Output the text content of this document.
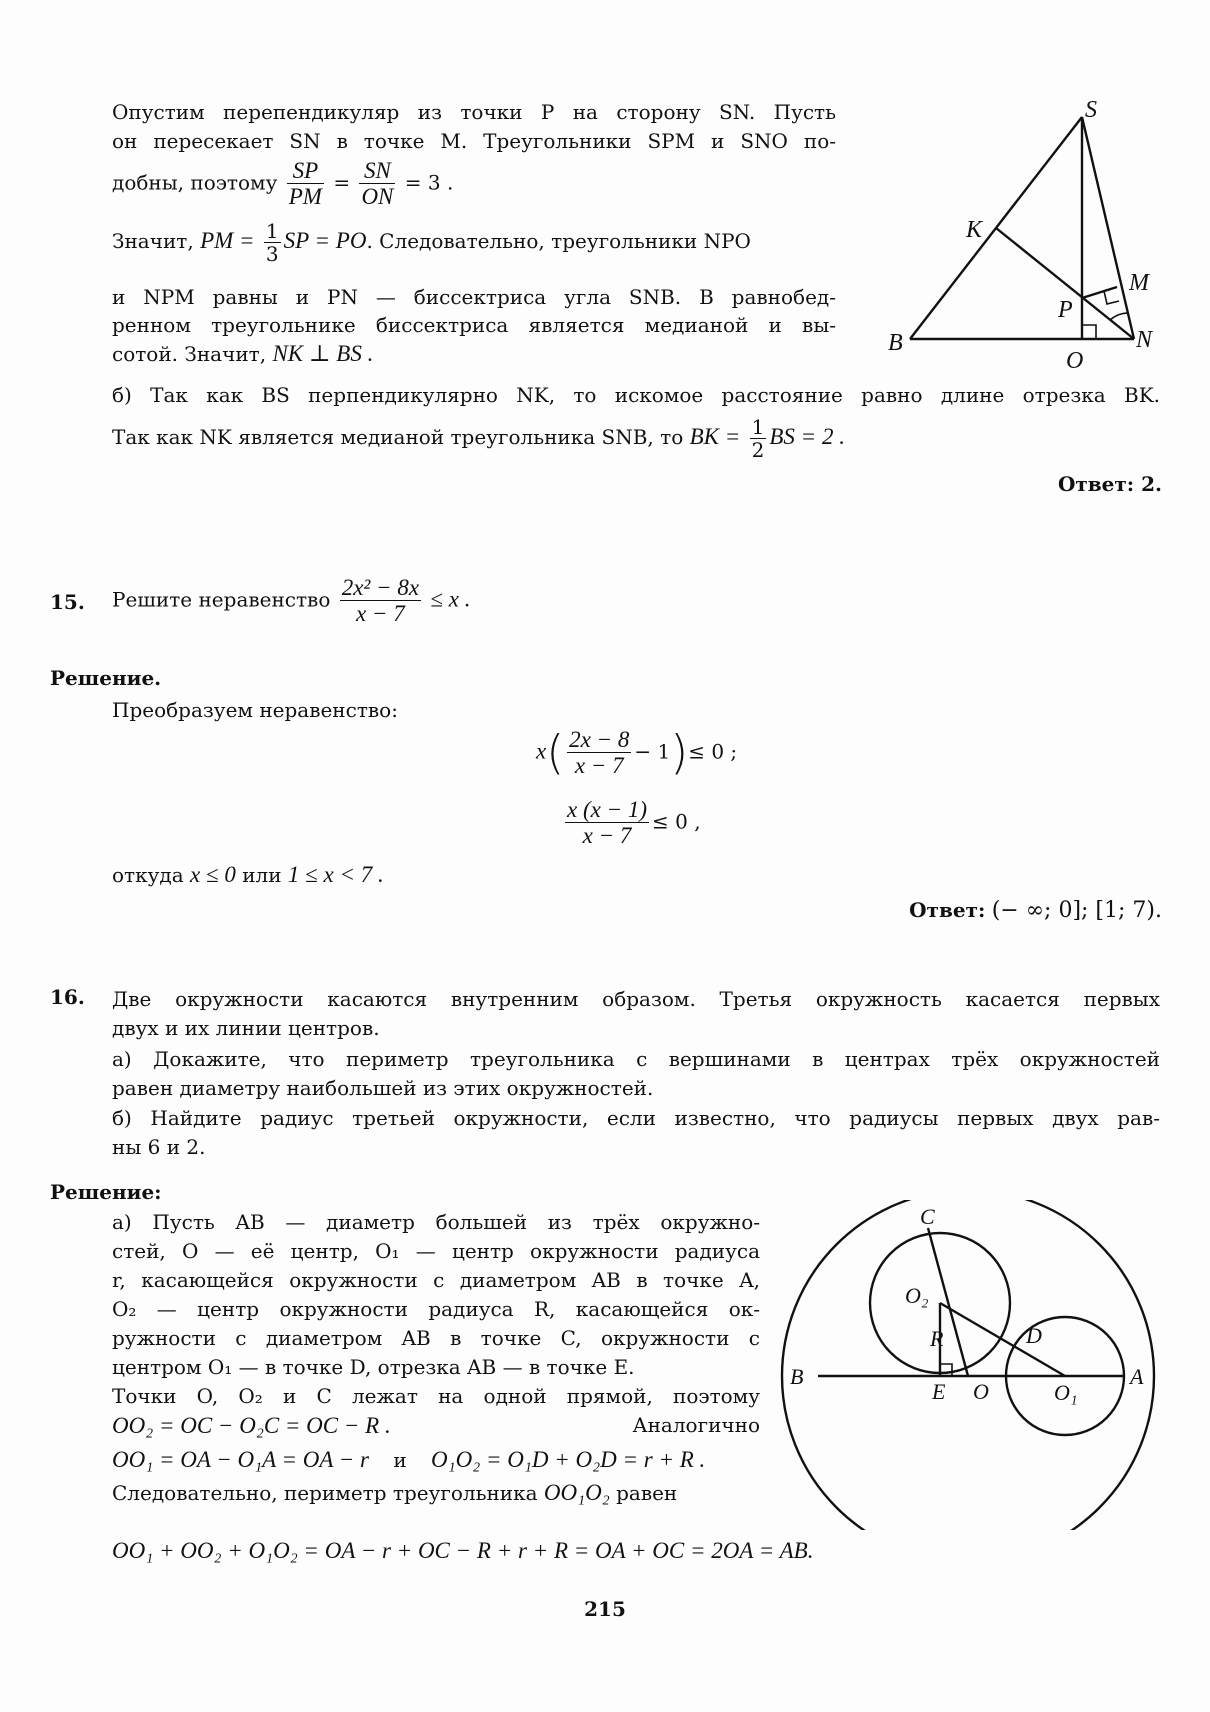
Опустим перепендикуляр из точки P на сторону SN. Пусть
он пересекает SN в точке M. Треугольники SPM и SNO по-
добны, поэтому $\frac{SP}{PM} = \frac{SN}{ON} = 3$ .
Значит, PM = $\frac{1}{3}$ SP = PO. Следовательно, треугольники NPO
и NPM равны и PN — биссектриса угла SNB. В равнобед-
ренном треугольнике биссектриса является медианой и вы-
сотой. Значит, NK ⊥ BS .
б) Так как BS перпендикулярно NK, то искомое расстояние равно длине отрезка BK.
Так как NK является медианой треугольника SNB, то BK = $\frac{1}{2}$ BS = 2 .
Ответ: 2.
S
K
M
P
B	N
O
15. Решите неравенство $\frac{\text{2x² − 8x}}{x - 7} \le x$ .
Решение.
Преобразуем неравенство:
$x( \frac{2x - 8}{x - 7} - 1)\le 0$ ;
$\frac{x (x - 1)}{x - 7} \le 0$ ,
откуда x ≤ 0 или 1 ≤ x < 7 .
Ответ: (− ∞; 0]; [1; 7).
16. Две окружности касаются внутренним образом. Третья окружность касается первых
двух и их линии центров.
а) Докажите, что периметр треугольника с вершинами в центрах трёх окружностей
равен диаметру наибольшей из этих окружностей.
б) Найдите радиус третьей окружности, если известно, что радиусы первых двух рав-
ны 6 и 2.
Решение:
а) Пусть AB — диаметр большей из трёх окружно-
стей, O — её центр, O₁ — центр окружности радиуса
r, касающейся окружности с диаметром AB в точке A,
O₂ — центр окружности радиуса R, касающейся ок-
ружности с диаметром AB в точке C, окружности с
центром O₁ — в точке D, отрезка AB — в точке E.
Точки O, O₂ и C лежат на одной прямой, поэтому
OO₂ = OC − O₂C = OC − R .	Аналогично
OO₁ = OA − O₁A = OA − r и O₁O₂ = O₁D + O₂D = r + R .
Следовательно, периметр треугольника OO₁O₂ равен
OO₁ + OO₂ + O₁O₂ = OA − r + OC − R + r + R = OA + OC = 2OA = AB.
C
O₂
R	D
B
E O	O₁
A
215
